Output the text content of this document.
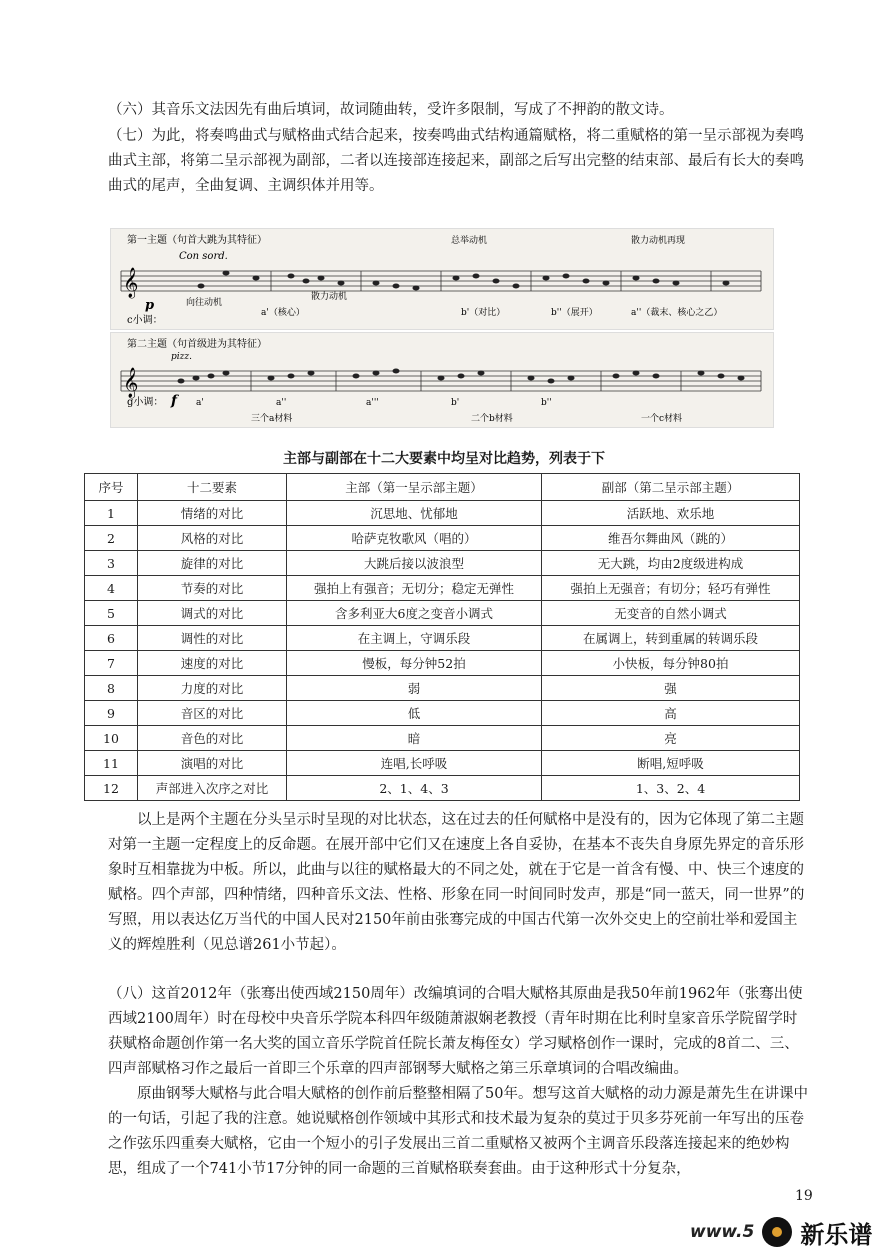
（六）其音乐文法因先有曲后填词，故词随曲转，受许多限制，写成了不押韵的散文诗。
（七）为此，将奏鸣曲式与赋格曲式结合起来，按奏鸣曲式结构通篇赋格，将二重赋格的第一呈示部视为奏鸣曲式主部，将第二呈示部视为副部，二者以连接部连接起来，副部之后写出完整的结束部、最后有长大的奏鸣曲式的尾声，全曲复调、主调织体并用等。
第一主题（句首大跳为其特征）
Con sord.
总举动机	散力动机再现
𝄞
p
c小调：
向往动机
散力动机
a'（核心）	b'（对比）	b''（展开）	a''（裁末、核心之乙）
第二主题（句首级进为其特征）
pizz.
𝄞
f
g小调：	a'	a''	a'''	b'	b''
三个a材料	二个b材料	一个c材料
主部与副部在十二大要素中均呈对比趋势，列表于下
序号	十二要素	主部（第一呈示部主题）	副部（第二呈示部主题）
1	情绪的对比	沉思地、忧郁地	活跃地、欢乐地
2	风格的对比	哈萨克牧歌风（唱的）	维吾尔舞曲风（跳的）
3	旋律的对比	大跳后接以波浪型	无大跳，均由2度级进构成
4	节奏的对比	强拍上有强音；无切分；稳定无弹性	强拍上无强音；有切分；轻巧有弹性
5	调式的对比	含多利亚大6度之变音小调式	无变音的自然小调式
6	调性的对比	在主调上，守调乐段	在属调上，转到重属的转调乐段
7	速度的对比	慢板，每分钟52拍	小快板，每分钟80拍
8	力度的对比	弱	强
9	音区的对比	低	高
10	音色的对比	暗	亮
11	演唱的对比	连唱,长呼吸	断唱,短呼吸
12	声部进入次序之对比	2、1、4、3	1、3、2、4
  以上是两个主题在分头呈示时呈现的对比状态，这在过去的任何赋格中是没有的，因为它体现了第二主题对第一主题一定程度上的反命题。在展开部中它们又在速度上各自妥协，在基本不丧失自身原先界定的音乐形象时互相靠拢为中板。所以，此曲与以往的赋格最大的不同之处，就在于它是一首含有慢、中、快三个速度的赋格。四个声部，四种情绪，四种音乐文法、性格、形象在同一时间同时发声，那是“同一蓝天，同一世界”的写照，用以表达亿万当代的中国人民对2150年前由张骞完成的中国古代第一次外交史上的空前壮举和爱国主义的辉煌胜利（见总谱261小节起）。
（八）这首2012年（张骞出使西域2150周年）改编填词的合唱大赋格其原曲是我50年前1962年（张骞出使西域2100周年）时在母校中央音乐学院本科四年级随萧淑娴老教授（青年时期在比利时皇家音乐学院留学时获赋格命题创作第一名大奖的国立音乐学院首任院长萧友梅侄女）学习赋格创作一课时，完成的8首二、三、四声部赋格习作之最后一首即三个乐章的四声部钢琴大赋格之第三乐章填词的合唱改编曲。
  原曲钢琴大赋格与此合唱大赋格的创作前后整整相隔了50年。想写这首大赋格的动力源是萧先生在讲课中的一句话，引起了我的注意。她说赋格创作领域中其形式和技术最为复杂的莫过于贝多芬死前一年写出的压卷之作弦乐四重奏大赋格，它由一个短小的引子发展出三首二重赋格又被两个主调音乐段落连接起来的绝妙构思，组成了一个741小节17分钟的同一命题的三首赋格联奏套曲。由于这种形式十分复杂，
19
www.5 新乐谱
